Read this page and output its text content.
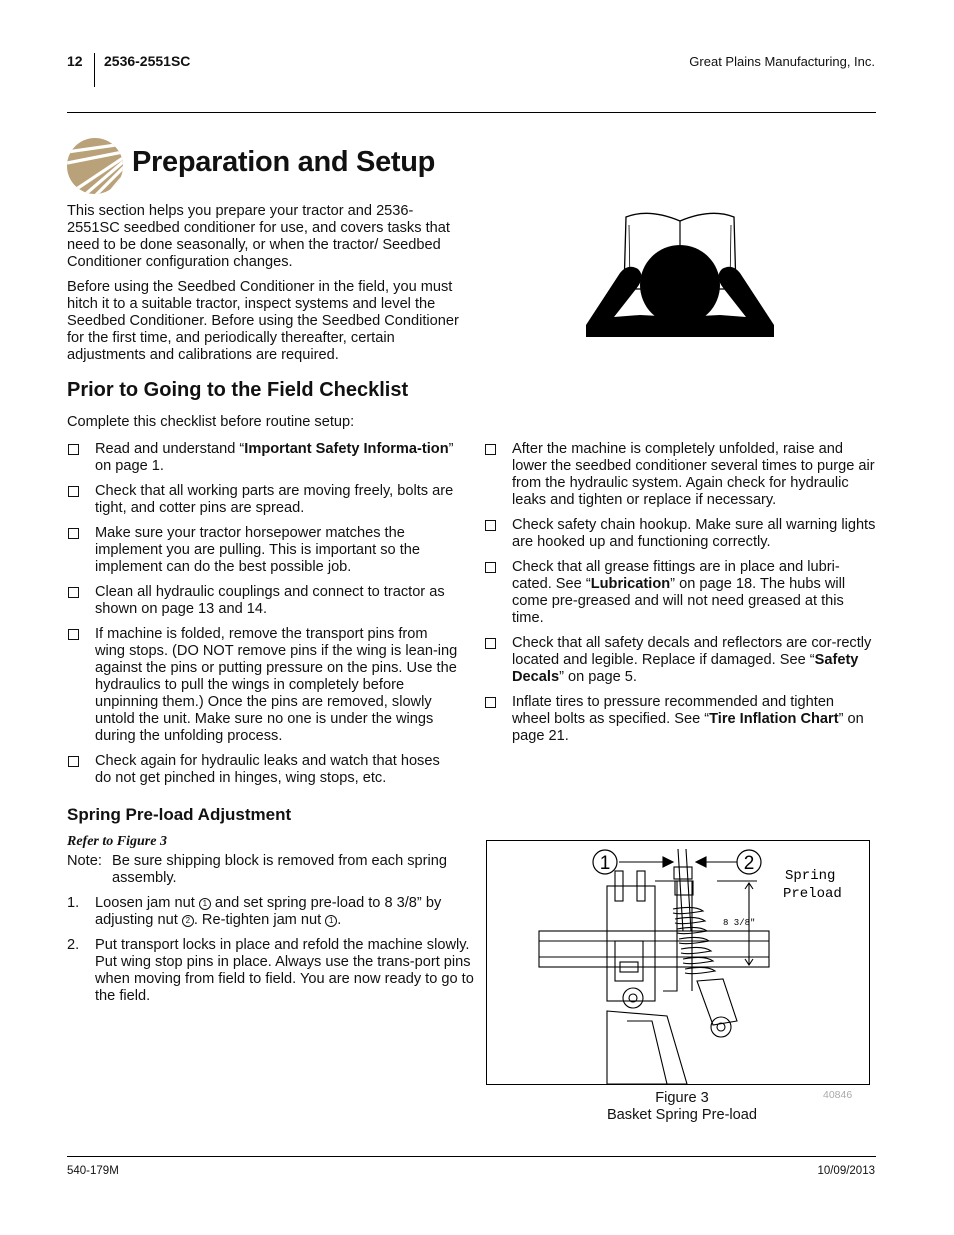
12 2536-2551SC	Great Plains Manufacturing, Inc.
Preparation and Setup
This section helps you prepare your tractor and 2536-2551SC seedbed conditioner for use, and covers tasks that need to be done seasonally, or when the tractor/ Seedbed Conditioner configuration changes.
Before using the Seedbed Conditioner in the field, you must hitch it to a suitable tractor, inspect systems and level the Seedbed Conditioner. Before using the Seedbed Conditioner for the first time, and periodically thereafter, certain adjustments and calibrations are required.
Prior to Going to the Field Checklist
Complete this checklist before routine setup:
Read and understand “Important Safety Informa-tion” on page 1.
Check that all working parts are moving freely, bolts are tight, and cotter pins are spread.
Make sure your tractor horsepower matches the implement you are pulling. This is important so the implement can do the best possible job.
Clean all hydraulic couplings and connect to tractor as shown on page 13 and 14.
If machine is folded, remove the transport pins from wing stops. (DO NOT remove pins if the wing is lean-ing against the pins or putting pressure on the pins. Use the hydraulics to pull the wings in completely before unpinning them.) Once the pins are removed, slowly untold the unit. Make sure no one is under the wings during the unfolding process.
Check again for hydraulic leaks and watch that hoses do not get pinched in hinges, wing stops, etc.
After the machine is completely unfolded, raise and lower the seedbed conditioner several times to purge air from the hydraulic system. Again check for hydraulic leaks and tighten or replace if necessary.
Check safety chain hookup. Make sure all warning lights are hooked up and functioning correctly.
Check that all grease fittings are in place and lubri-cated. See “Lubrication” on page 18. The hubs will come pre-greased and will not need greased at this time.
Check that all safety decals and reflectors are cor-rectly located and legible. Replace if damaged. See “Safety Decals” on page 5.
Inflate tires to pressure recommended and tighten wheel bolts as specified. See “Tire Inflation Chart” on page 21.
Spring Pre-load Adjustment
Refer to Figure 3
Note: Be sure shipping block is removed from each spring assembly.
1. Loosen jam nut 1 and set spring pre-load to 8 3/8” by adjusting nut 2 . Re-tighten jam nut 1 .
2. Put transport locks in place and refold the machine slowly. Put wing stop pins in place. Always use the trans-port pins when moving from field to field. You are now ready to go to the field.
1	2
Spring
Preload
8 3/8"
40846
Figure 3
Basket Spring Pre-load
540-179M	10/09/2013
